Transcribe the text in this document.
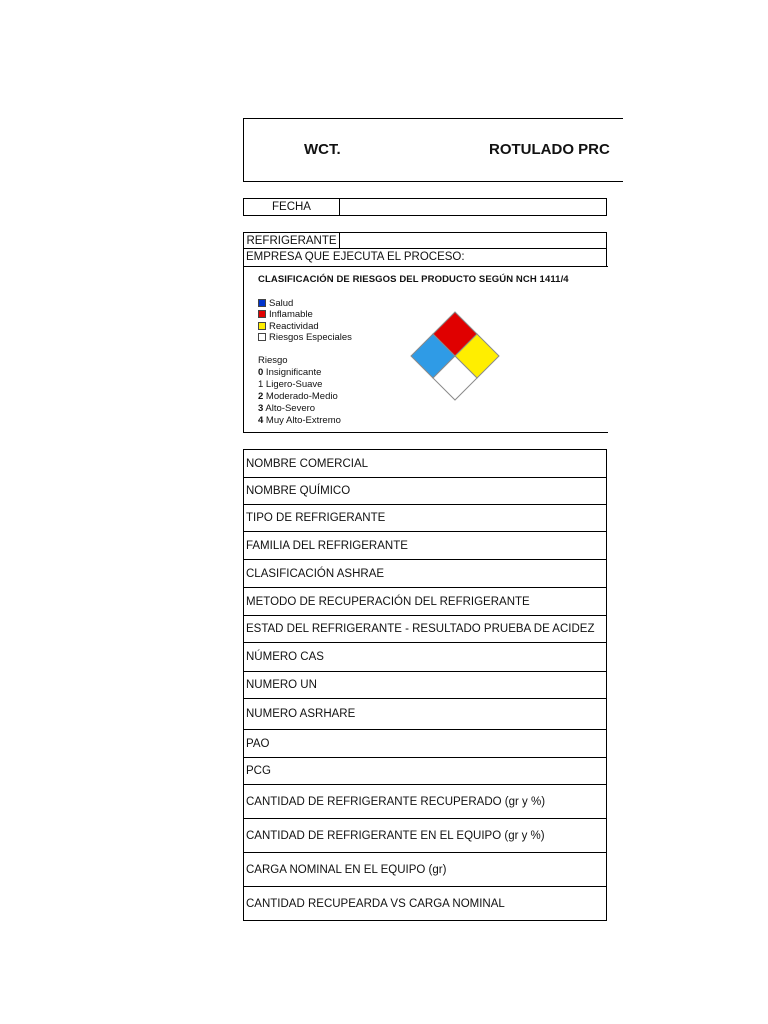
WCT.	ROTULADO PRC
FECHA
REFRIGERANTE
EMPRESA QUE EJECUTA EL PROCESO:
CLASIFICACIÓN DE RIESGOS DEL PRODUCTO SEGÚN NCH 1411/4
Salud
Inflamable
Reactividad
Riesgos Especiales
Riesgo
0 Insignificante
1 Ligero-Suave
2 Moderado-Medio
3 Alto-Severo
4 Muy Alto-Extremo
NOMBRE COMERCIAL
NOMBRE QUÍMICO
TIPO DE REFRIGERANTE
FAMILIA DEL REFRIGERANTE
CLASIFICACIÓN ASHRAE
METODO DE RECUPERACIÓN DEL REFRIGERANTE
ESTAD DEL REFRIGERANTE - RESULTADO PRUEBA DE ACIDEZ
NÚMERO CAS
NUMERO UN
NUMERO ASRHARE
PAO
PCG
CANTIDAD DE REFRIGERANTE RECUPERADO (gr y %)
CANTIDAD DE REFRIGERANTE EN EL EQUIPO (gr y %)
CARGA NOMINAL EN EL EQUIPO (gr)
CANTIDAD RECUPEARDA VS CARGA NOMINAL
